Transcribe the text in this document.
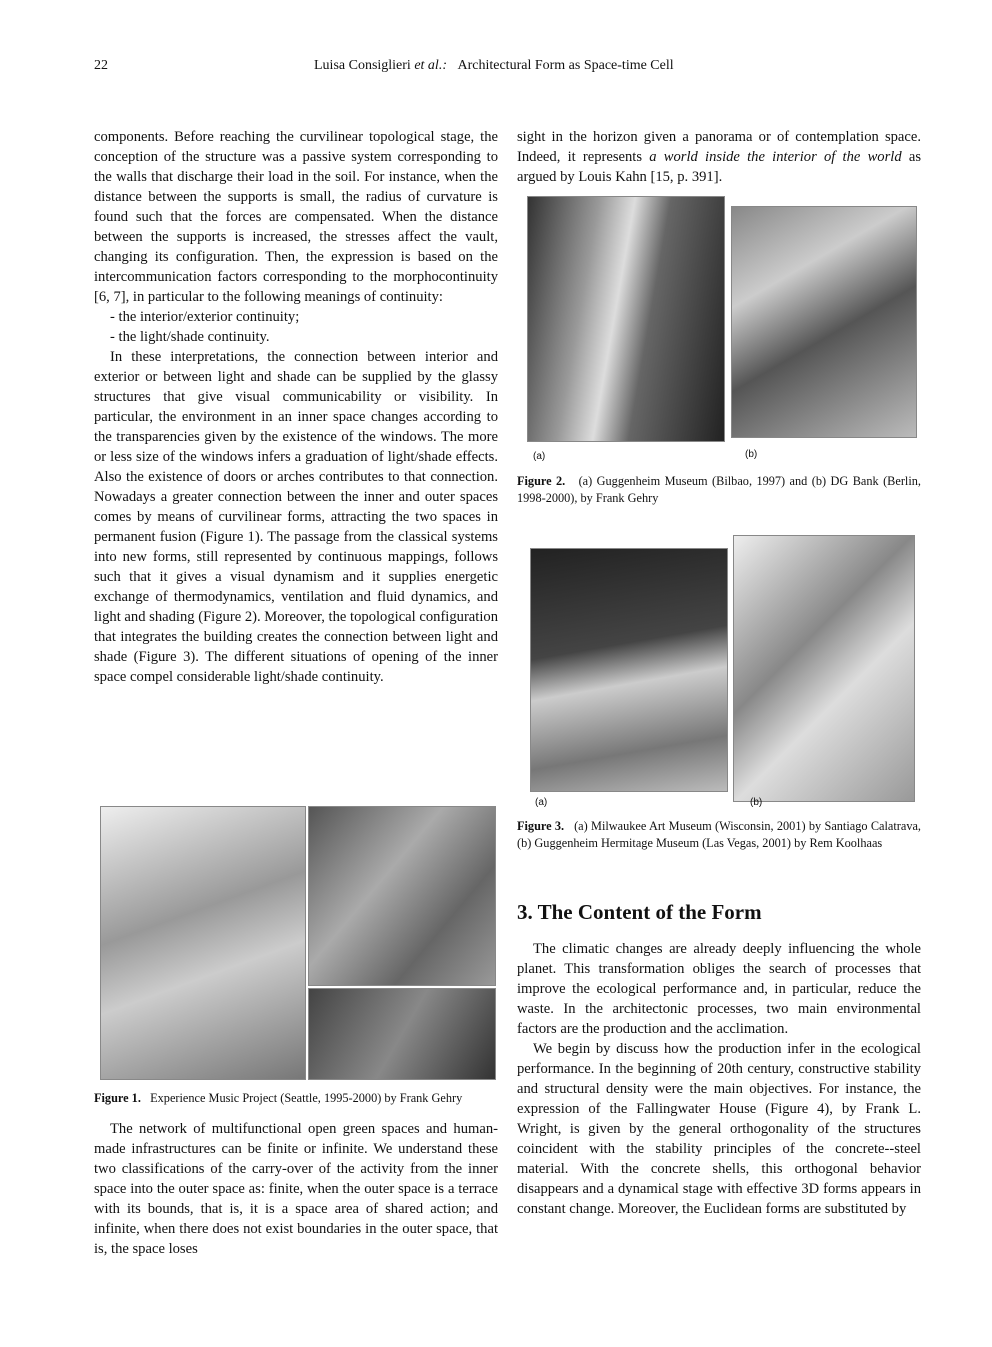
22	Luisa Consiglieri et al.: Architectural Form as Space-time Cell

components. Before reaching the curvilinear topological stage, the conception of the structure was a passive system corresponding to the walls that discharge their load in the soil. For instance, when the distance between the supports is small, the radius of curvature is found such that the forces are compensated. When the distance between the supports is increased, the stresses affect the vault, changing its configuration. Then, the expression is based on the intercommunication factors corresponding to the morphocontinuity [6, 7], in particular to the following meanings of continuity:

- the interior/exterior continuity;

- the light/shade continuity.

In these interpretations, the connection between interior and exterior or between light and shade can be supplied by the glassy structures that give visual communicability or visibility. In particular, the environment in an inner space changes according to the transparencies given by the existence of the windows. The more or less size of the windows infers a graduation of light/shade effects. Also the existence of doors or arches contributes to that connection. Nowadays a greater connection between the inner and outer spaces comes by means of curvilinear forms, attracting the two spaces in permanent fusion (Figure 1). The passage from the classical systems into new forms, still represented by continuous mappings, follows such that it gives a visual dynamism and it supplies energetic exchange of thermodynamics, ventilation and fluid dynamics, and light and shading (Figure 2). Moreover, the topological configuration that integrates the building creates the connection between light and shade (Figure 3). The different situations of opening of the inner space compel considerable light/shade continuity.

Figure 1. Experience Music Project (Seattle, 1995-2000) by Frank Gehry

The network of multifunctional open green spaces and human-made infrastructures can be finite or infinite. We understand these two classifications of the carry-over of the activity from the inner space into the outer space as: finite, when the outer space is a terrace with its bounds, that is, it is a space area of shared action; and infinite, when there does not exist boundaries in the outer space, that is, the space loses

sight in the horizon given a panorama or of contemplation space. Indeed, it represents a world inside the interior of the world as argued by Louis Kahn [15, p. 391].

(a)	(b)
Figure 2. (a) Guggenheim Museum (Bilbao, 1997) and (b) DG Bank (Berlin, 1998-2000), by Frank Gehry
(a)	(b)
Figure 3. (a) Milwaukee Art Museum (Wisconsin, 2001) by Santiago Calatrava, (b) Guggenheim Hermitage Museum (Las Vegas, 2001) by Rem Koolhaas
3. The Content of the Form

The climatic changes are already deeply influencing the whole planet. This transformation obliges the search of processes that improve the ecological performance and, in particular, reduce the waste. In the architectonic processes, two main environmental factors are the production and the acclimation.

We begin by discuss how the production infer in the ecological performance. In the beginning of 20th century, constructive stability and structural density were the main objectives. For instance, the expression of the Fallingwater House (Figure 4), by Frank L. Wright, is given by the general orthogonality of the structures coincident with the stability principles of the concrete--steel material. With the concrete shells, this orthogonal behavior disappears and a dynamical stage with effective 3D forms appears in constant change. Moreover, the Euclidean forms are substituted by
